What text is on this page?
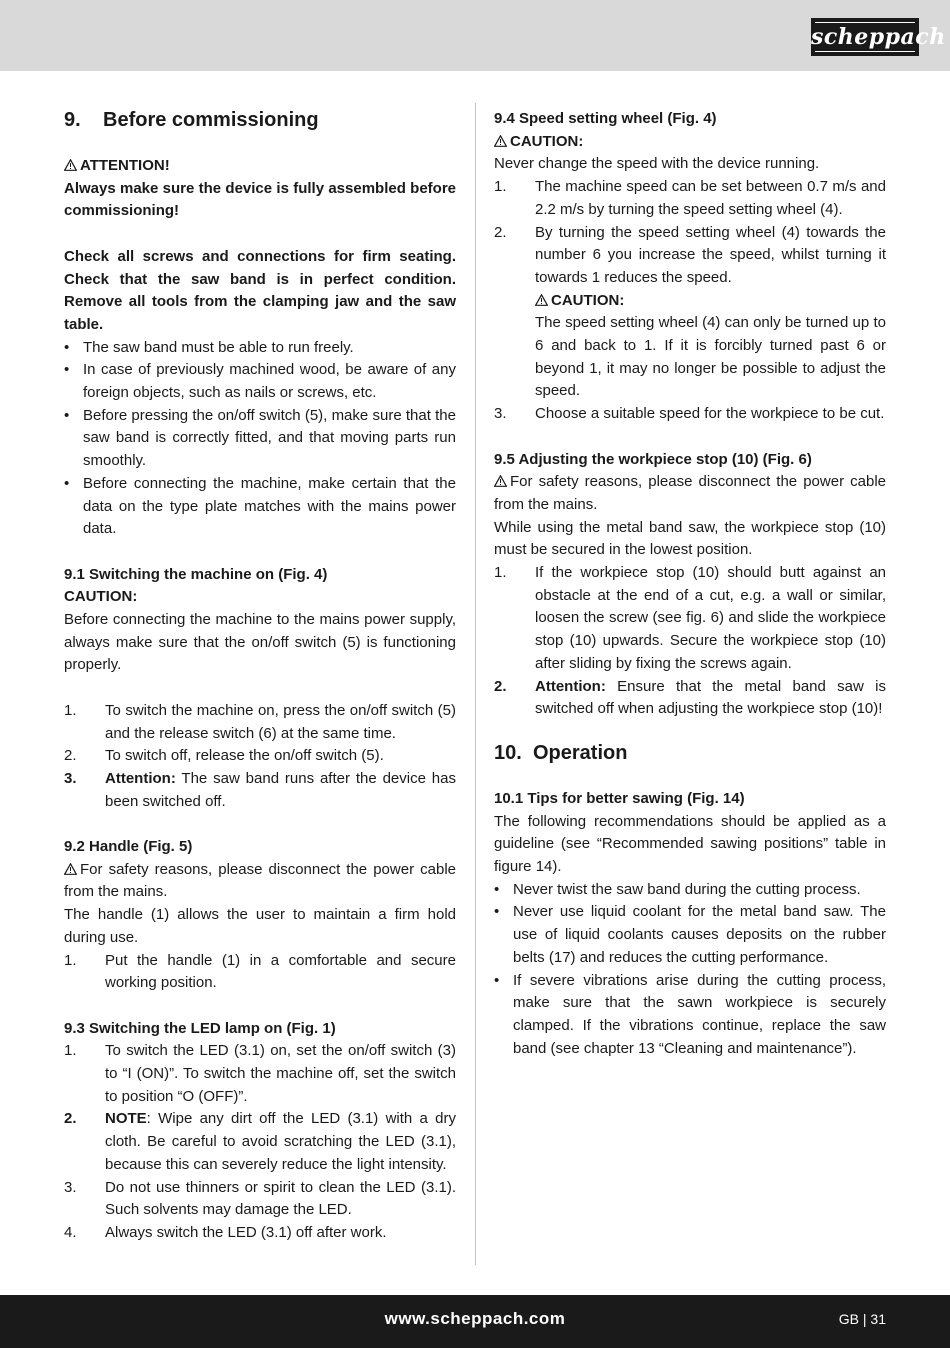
scheppach

9. Before commissioning

ATTENTION!

Always make sure the device is fully assembled before commissioning!

Check all screws and connections for firm seating. Check that the saw band is in perfect condition. Remove all tools from the clamping jaw and the saw table.

• The saw band must be able to run freely.
• In case of previously machined wood, be aware of any foreign objects, such as nails or screws, etc.
• Before pressing the on/off switch (5), make sure that the saw band is correctly fitted, and that moving parts run smoothly.
• Before connecting the machine, make certain that the data on the type plate matches with the mains power data.

9.1 Switching the machine on (Fig. 4)

CAUTION:

Before connecting the machine to the mains power supply, always make sure that the on/off switch (5) is functioning properly.

1. To switch the machine on, press the on/off switch (5) and the release switch (6) at the same time.
2. To switch off, release the on/off switch (5).
3. Attention: The saw band runs after the device has been switched off.

9.2 Handle (Fig. 5)

For safety reasons, please disconnect the power cable from the mains.

The handle (1) allows the user to maintain a firm hold during use.

1. Put the handle (1) in a comfortable and secure working position.

9.3 Switching the LED lamp on (Fig. 1)

1. To switch the LED (3.1) on, set the on/off switch (3) to “I (ON)”. To switch the machine off, set the switch to position “O (OFF)”.
2. NOTE: Wipe any dirt off the LED (3.1) with a dry cloth. Be careful to avoid scratching the LED (3.1), because this can severely reduce the light intensity.
3. Do not use thinners or spirit to clean the LED (3.1). Such solvents may damage the LED.
4. Always switch the LED (3.1) off after work.

9.4 Speed setting wheel (Fig. 4)

CAUTION:

Never change the speed with the device running.

1. The machine speed can be set between 0.7 m/s and 2.2 m/s by turning the speed setting wheel (4).
2. By turning the speed setting wheel (4) towards the number 6 you increase the speed, whilst turning it towards 1 reduces the speed.

CAUTION:

The speed setting wheel (4) can only be turned up to 6 and back to 1. If it is forcibly turned past 6 or beyond 1, it may no longer be possible to adjust the speed.

3. Choose a suitable speed for the workpiece to be cut.

9.5 Adjusting the workpiece stop (10) (Fig. 6)

For safety reasons, please disconnect the power cable from the mains.

While using the metal band saw, the workpiece stop (10) must be secured in the lowest position.

1. If the workpiece stop (10) should butt against an obstacle at the end of a cut, e.g. a wall or similar, loosen the screw (see fig. 6) and slide the workpiece stop (10) upwards. Secure the workpiece stop (10) after sliding by fixing the screws again.
2. Attention: Ensure that the metal band saw is switched off when adjusting the workpiece stop (10)!

10. Operation

10.1 Tips for better sawing (Fig. 14)

The following recommendations should be applied as a guideline (see “Recommended sawing positions” table in figure 14).

• Never twist the saw band during the cutting process.
• Never use liquid coolant for the metal band saw. The use of liquid coolants causes deposits on the rubber belts (17) and reduces the cutting performance.
• If severe vibrations arise during the cutting process, make sure that the sawn workpiece is securely clamped. If the vibrations continue, replace the saw band (see chapter 13 “Cleaning and maintenance”).
www.scheppach.com	GB | 31
